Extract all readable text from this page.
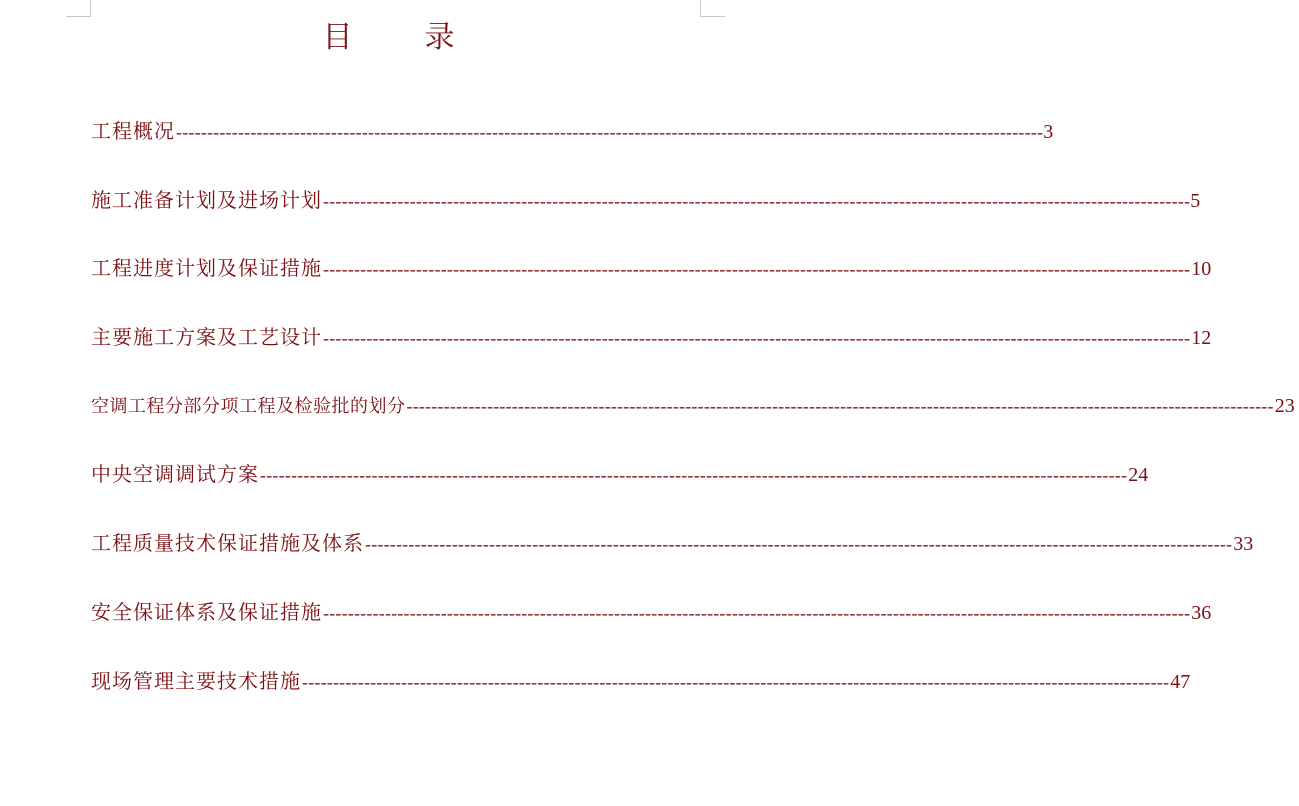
目 录
工程概况 -------------------------------------------------------------------------------------------------------------------------------------------- 3
施工准备计划及进场计划 -------------------------------------------------------------------------------------------------------------------------------------------- 5
工程进度计划及保证措施 -------------------------------------------------------------------------------------------------------------------------------------------- 10
主要施工方案及工艺设计 -------------------------------------------------------------------------------------------------------------------------------------------- 12
空调工程分部分项工程及检验批的划分 -------------------------------------------------------------------------------------------------------------------------------------------- 23
中央空调调试方案 -------------------------------------------------------------------------------------------------------------------------------------------- 24
工程质量技术保证措施及体系 -------------------------------------------------------------------------------------------------------------------------------------------- 33
安全保证体系及保证措施 -------------------------------------------------------------------------------------------------------------------------------------------- 36
现场管理主要技术措施 -------------------------------------------------------------------------------------------------------------------------------------------- 47
